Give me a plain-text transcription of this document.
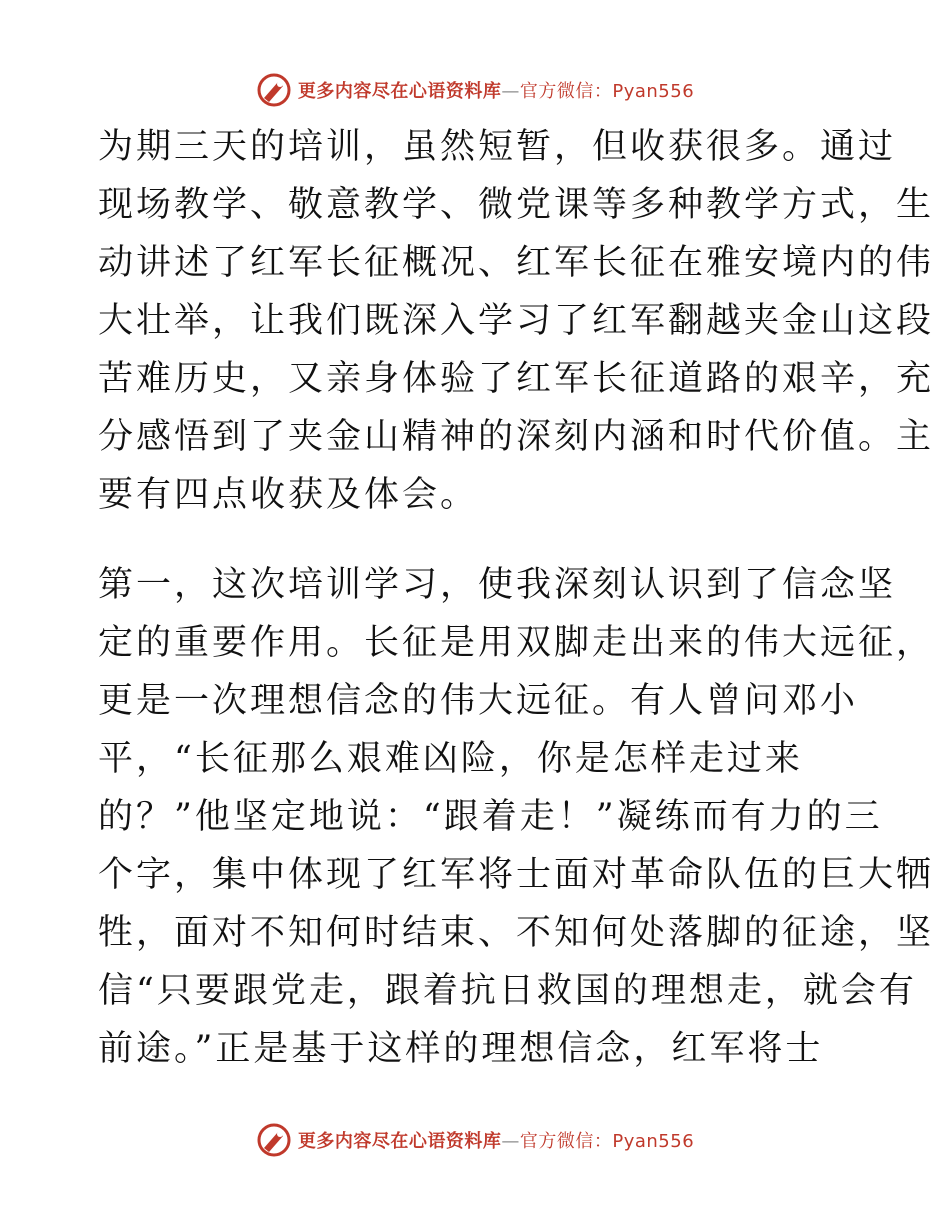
更多内容尽在心语资料库—官方微信：Pyan556
为期三天的培训，虽然短暂，但收获很多。通过
现场教学、敬意教学、微党课等多种教学方式，生
动讲述了红军长征概况、红军长征在雅安境内的伟
大壮举，让我们既深入学习了红军翻越夹金山这段
苦难历史，又亲身体验了红军长征道路的艰辛，充
分感悟到了夹金山精神的深刻内涵和时代价值。主
要有四点收获及体会。
第一，这次培训学习，使我深刻认识到了信念坚
定的重要作用。长征是用双脚走出来的伟大远征，
更是一次理想信念的伟大远征。有人曾问邓小
平，“长征那么艰难凶险，你是怎样走过来
的？”他坚定地说：“跟着走！”凝练而有力的三
个字，集中体现了红军将士面对革命队伍的巨大牺
牲，面对不知何时结束、不知何处落脚的征途，坚
信“只要跟党走，跟着抗日救国的理想走，就会有
前途。”正是基于这样的理想信念，红军将士
更多内容尽在心语资料库—官方微信：Pyan556
